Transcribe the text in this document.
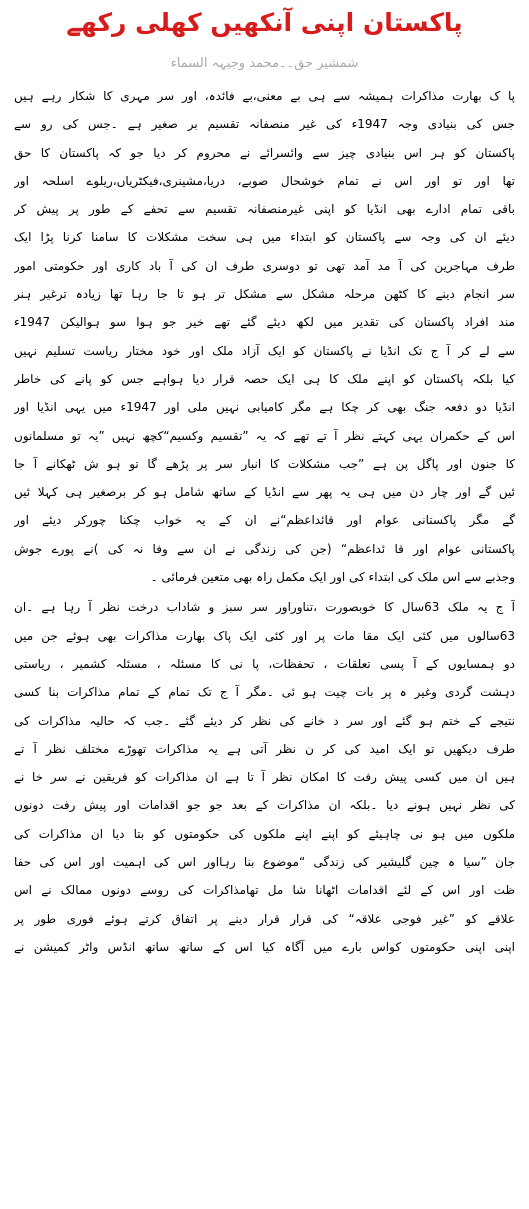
پاکستان اپنی آنکھیں کھلی رکھے
شمشیر حق۔۔محمد وجیہہ السماء
پا ک بھارت مذاکرات ہمیشہ سے ہی بے معنی،بے فائدہ، اور سر مہری کا شکار رہے ہیں
جس کی بنیادی وجہ 1947ء کی غیر منصفانہ تقسیم بر صغیر ہے ۔جس کی رو سے
پاکستان کو ہر اس بنیادی چیز سے وائسرائے نے محروم کر دیا جو کہ پاکستان کا حق
تھا اور تو اور اس نے تمام خوشحال صوبے، دریا،مشینری،فیکٹریاں،ریلوے اسلحہ اور
باقی تمام ادارے بھی انڈیا کو اپنی غیرمنصفانہ تقسیم سے تحفے کے طور پر پیش کر
دیئے ان کی وجہ سے پاکستان کو ابتداء میں ہی سخت مشکلات کا سامنا کرنا پڑا ایک
طرف مہاجرین کی آ مد آمد تھی تو دوسری طرف ان کی آ باد کاری اور حکومتی امور
سر انجام دینے کا کٹھن مرحلہ مشکل سے مشکل تر ہو تا جا رہا تھا زیادہ ترغیر ہنر
مند افراد پاکستان کی تقدیر میں لکھ دیئے گئے تھے خیر جو ہوا سو ہوالیکن 1947ء
سے لے کر آ ج تک انڈیا نے پاکستان کو ایک آزاد ملک اور خود مختار ریاست تسلیم نہیں
کیا بلکہ پاکستان کو اپنے ملک کا ہی ایک حصہ قرار دیا ہواہے جس کو پانے کی خاطر
انڈیا دو دفعہ جنگ بھی کر چکا ہے مگر کامیابی نہیں ملی اور 1947ء میں یہی انڈیا اور
اس کے حکمران یہی کہتے نظر آ تے تھے کہ یہ ”تقسیم وکسیم“کچھ نہیں ”یہ تو مسلمانوں
کا جنون اور پاگل پن ہے ”جب مشکلات کا انبار سر پر پڑھے گا تو ہو ش ٹھکانے آ جا
ئیں گے اور چار دن میں ہی یہ پھر سے انڈیا کے ساتھ شامل ہو کر برصغیر ہی کہلا ئیں
گے مگر پاکستانی عوام اور قائداعظم“نے ان کے یہ خواب چکنا چورکر دیئے اور
پاکستانی عوام اور قا ئداعظم“ (جن کی زندگی نے ان سے وفا نہ کی )نے پورے جوش
وجذبے سے اس ملک کی ابتداء کی اور ایک مکمل راہ بھی متعین فرمائی ۔
آ ج یہ ملک 63سال کا خوبصورت ،تناوراور سر سبز و شاداب درخت نظر آ رہا ہے ۔ان
63سالوں میں کئی ایک مقا مات پر اور کئی ایک پاک بھارت مذاکرات بھی ہوئے جن میں
دو ہمسایوں کے آ پسی تعلقات ، تحفظات، پا نی کا مسئلہ ، مسئلہ کشمیر ، ریاستی
دہشت گردی وغیر ہ پر بات چیت ہو ئی ۔مگر آ ج تک تمام کے تمام مذاکرات بنا کسی
نتیجے کے ختم ہو گئے اور سر د خانے کی نظر کر دیئے گئے ۔جب کہ حالیہ مذاکرات کی
طرف دیکھیں تو ایک امید کی کر ن نظر آتی ہے یہ مذاکرات تھوڑے مختلف نظر آ تے
ہیں ان میں کسی پیش رفت کا امکان نظر آ تا ہے ان مذاکرات کو فریقین نے سر خا نے
کی نظر نہیں ہونے دیا ۔بلکہ ان مذاکرات کے بعد جو جو اقدامات اور پیش رفت دونوں
ملکوں میں ہو نی چاہیئے کو اپنے اپنے ملکوں کی حکومتوں کو بتا دیا ان مذاکرات کی
جان ”سیا ہ چین گلیشیر کی زندگی “موضوع بنا رہااور اس کی اہمیت اور اس کی حفا
ظت اور اس کے لئے اقدامات اٹھانا شا مل تھامذاکرات کی روسے دونوں ممالک نے اس
علاقے کو ”غیر فوجی علاقہ“ کی قرار قرار دینے پر اتفاق کرتے ہوئے فوری طور پر
اپنی اپنی حکومتوں کواس بارے میں آگاہ کیا اس کے ساتھ ساتھ انڈس واٹر کمیشن نے
